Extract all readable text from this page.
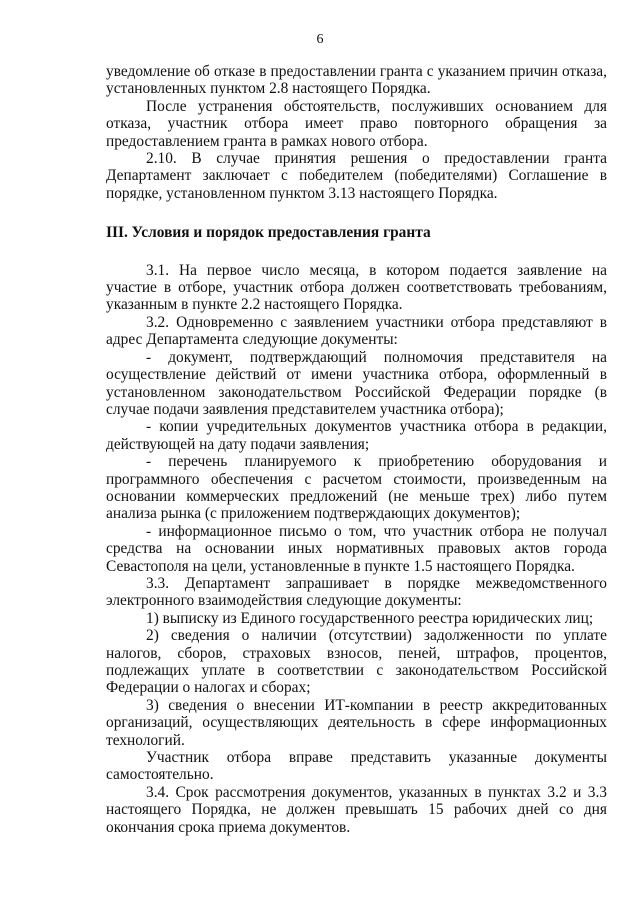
6

уведомление об отказе в предоставлении гранта с указанием причин отказа, установленных пунктом 2.8 настоящего Порядка.

После устранения обстоятельств, послуживших основанием для отказа, участник отбора имеет право повторного обращения за предоставлением гранта в рамках нового отбора.

2.10. В случае принятия решения о предоставлении гранта Департамент заключает с победителем (победителями) Соглашение в порядке, установленном пунктом 3.13 настоящего Порядка.

III. Условия и порядок предоставления гранта

3.1. На первое число месяца, в котором подается заявление на участие в отборе, участник отбора должен соответствовать требованиям, указанным в пункте 2.2 настоящего Порядка.

3.2. Одновременно с заявлением участники отбора представляют в адрес Департамента следующие документы:

- документ, подтверждающий полномочия представителя на осуществление действий от имени участника отбора, оформленный в установленном законодательством Российской Федерации порядке (в случае подачи заявления представителем участника отбора);

- копии учредительных документов участника отбора в редакции, действующей на дату подачи заявления;

- перечень планируемого к приобретению оборудования и программного обеспечения с расчетом стоимости, произведенным на основании коммерческих предложений (не меньше трех) либо путем анализа рынка (с приложением подтверждающих документов);

- информационное письмо о том, что участник отбора не получал средства на основании иных нормативных правовых актов города Севастополя на цели, установленные в пункте 1.5 настоящего Порядка.

3.3. Департамент запрашивает в порядке межведомственного электронного взаимодействия следующие документы:

1) выписку из Единого государственного реестра юридических лиц;

2) сведения о наличии (отсутствии) задолженности по уплате налогов, сборов, страховых взносов, пеней, штрафов, процентов, подлежащих уплате в соответствии с законодательством Российской Федерации о налогах и сборах;

3) сведения о внесении ИТ-компании в реестр аккредитованных организаций, осуществляющих деятельность в сфере информационных технологий.

Участник отбора вправе представить указанные документы самостоятельно.

3.4. Срок рассмотрения документов, указанных в пунктах 3.2 и 3.3 настоящего Порядка, не должен превышать 15 рабочих дней со дня окончания срока приема документов.
